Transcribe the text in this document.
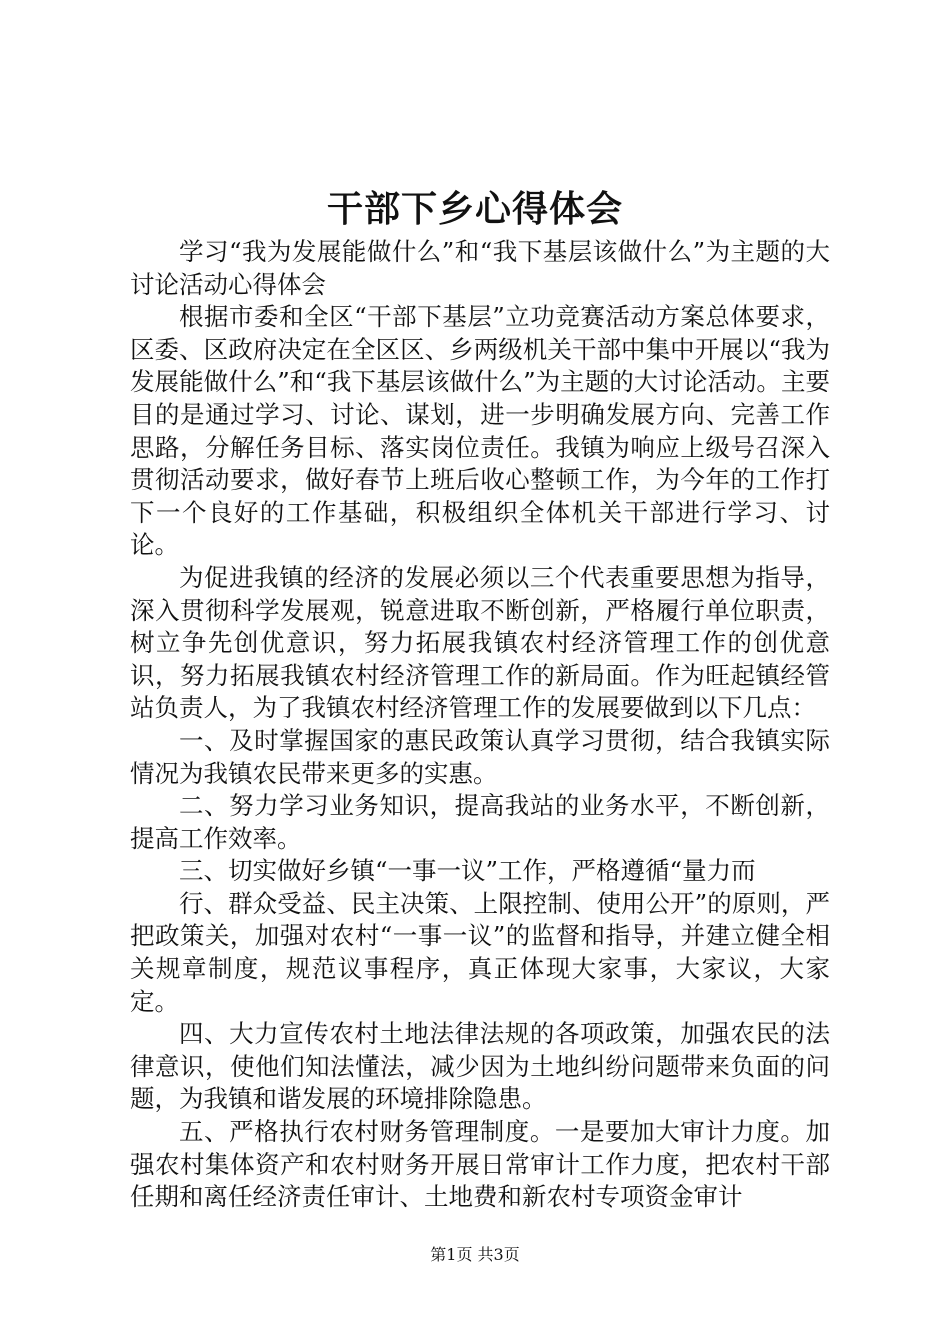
干部下乡心得体会

学习“我为发展能做什么”和“我下基层该做什么”为主题的大讨论活动心得体会

根据市委和全区“干部下基层”立功竞赛活动方案总体要求，区委、区政府决定在全区区、乡两级机关干部中集中开展以“我为发展能做什么”和“我下基层该做什么”为主题的大讨论活动。主要目的是通过学习、讨论、谋划，进一步明确发展方向、完善工作思路，分解任务目标、落实岗位责任。我镇为响应上级号召深入贯彻活动要求，做好春节上班后收心整顿工作，为今年的工作打下一个良好的工作基础，积极组织全体机关干部进行学习、讨论。

为促进我镇的经济的发展必须以三个代表重要思想为指导，深入贯彻科学发展观，锐意进取不断创新，严格履行单位职责，树立争先创优意识，努力拓展我镇农村经济管理工作的创优意识，努力拓展我镇农村经济管理工作的新局面。作为旺起镇经管站负责人，为了我镇农村经济管理工作的发展要做到以下几点：

一、及时掌握国家的惠民政策认真学习贯彻，结合我镇实际情况为我镇农民带来更多的实惠。

二、努力学习业务知识，提高我站的业务水平，不断创新，提高工作效率。

三、切实做好乡镇“一事一议”工作，严格遵循“量力而

行、群众受益、民主决策、上限控制、使用公开”的原则，严把政策关，加强对农村“一事一议”的监督和指导，并建立健全相关规章制度，规范议事程序，真正体现大家事，大家议，大家定。

四、大力宣传农村土地法律法规的各项政策，加强农民的法律意识，使他们知法懂法，减少因为土地纠纷问题带来负面的问题，为我镇和谐发展的环境排除隐患。

五、严格执行农村财务管理制度。一是要加大审计力度。加强农村集体资产和农村财务开展日常审计工作力度，把农村干部任期和离任经济责任审计、土地费和新农村专项资金审计

第1页 共3页
